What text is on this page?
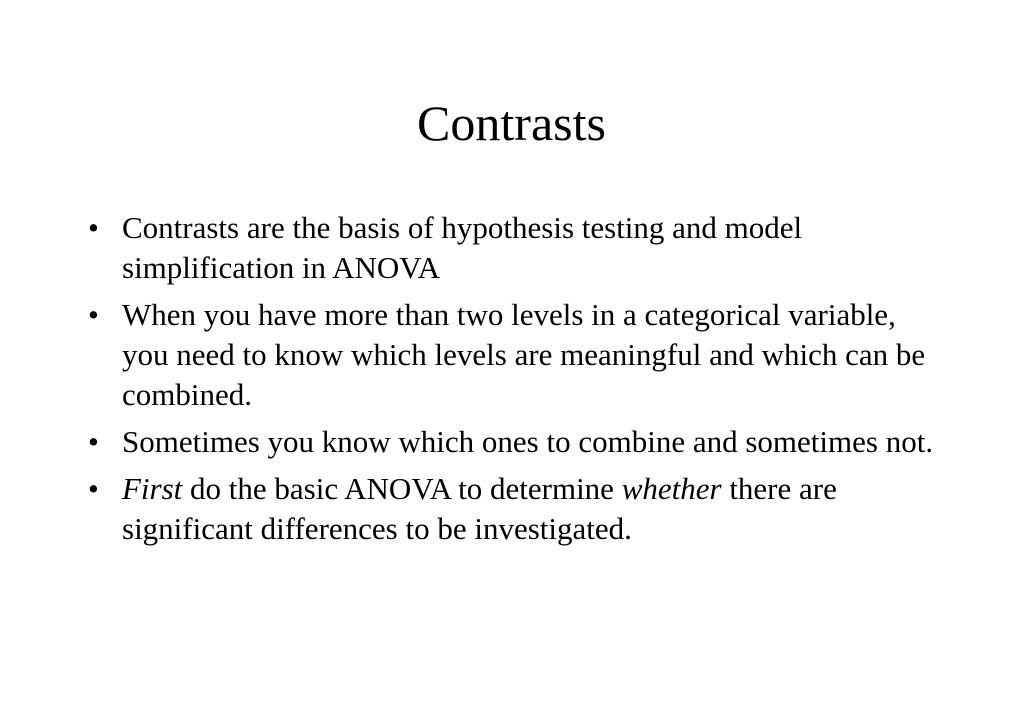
Contrasts
• Contrasts are the basis of hypothesis testing and model simplification in ANOVA
• When you have more than two levels in a categorical variable, you need to know which levels are meaningful and which can be combined.
• Sometimes you know which ones to combine and sometimes not.
• First do the basic ANOVA to determine whether there are significant differences to be investigated.
